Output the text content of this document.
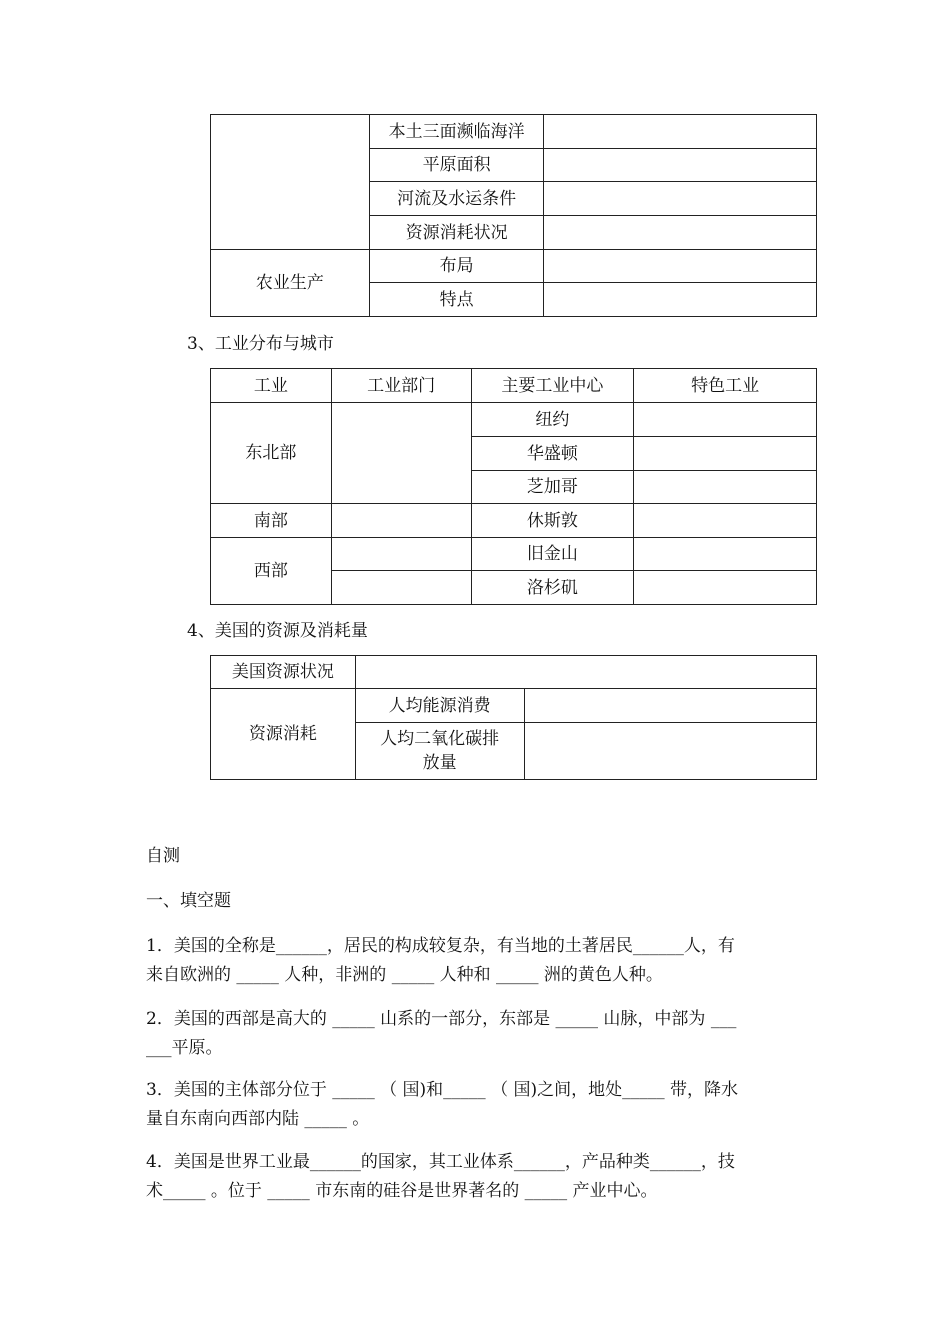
	本土三面濒临海洋	
	平原面积	
	河流及水运条件	
	资源消耗状况	
农业生产	布局	
	特点	
3、工业分布与城市
工业	工业部门	主要工业中心	特色工业
东北部		纽约	
		华盛顿	
		芝加哥	
南部		休斯敦	
西部		旧金山	
		洛杉矶	
4、美国的资源及消耗量
美国资源状况		
资源消耗	人均能源消费	

	人均二氧化碳排
放量	

自测
一、填空题
1．美国的全称是______，居民的构成较复杂，有当地的土著居民______人，有
来自欧洲的 _____ 人种，非洲的 _____ 人种和 _____ 洲的黄色人种。
2．美国的西部是高大的 _____ 山系的一部分，东部是 _____ 山脉，中部为 ___
___平原。
3．美国的主体部分位于 _____ （ 国)和_____ （ 国)之间，地处_____ 带，降水
量自东南向西部内陆 _____ 。
4．美国是世界工业最______的国家，其工业体系______，产品种类______，技
术_____ 。位于 _____ 市东南的硅谷是世界著名的 _____ 产业中心。
